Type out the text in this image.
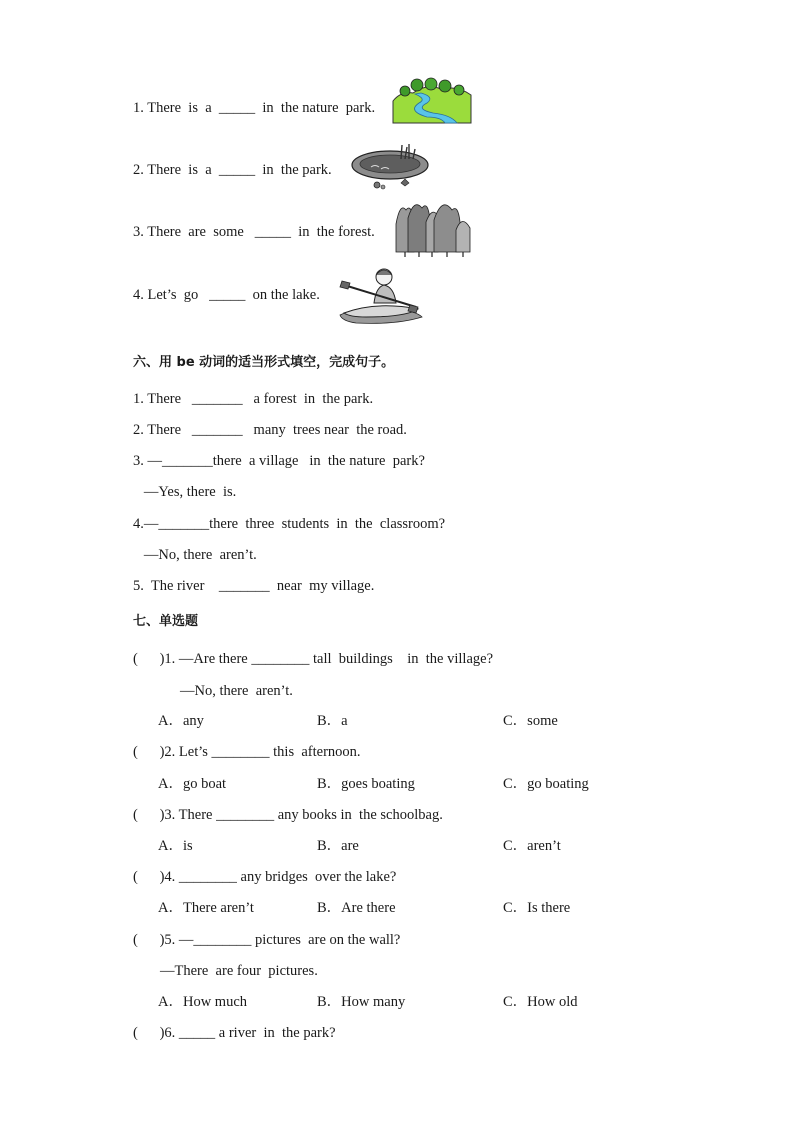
1. There  is  a  _____  in  the nature  park.
2. There  is  a  _____  in  the park.
3. There  are  some   _____  in  the forest.
4. Let’s  go   _____  on the lake.
六、用 be 动词的适当形式填空，完成句子。
1. There   _______   a forest  in  the park.
2. There   _______   many  trees near  the road.
3. —_______there  a village   in  the nature  park?
—Yes, there  is.
4.—_______there  three  students  in  the  classroom?
—No, there  aren’t.
5.  The river    _______  near  my village.
七、单选题
(      )1. —Are there ________ tall  buildings    in  the village?
—No, there  aren’t.
A．any	B．a	C．some
(      )2. Let’s ________ this  afternoon.
A．go boat	B．goes boating	C．go boating
(      )3. There ________ any books in  the schoolbag.
A．is	B．are	C．aren’t
(      )4. ________ any bridges  over the lake?
A．There aren’t	B．Are there	C．Is there
(      )5. —________ pictures  are on the wall?
—There  are four  pictures.
A．How much	B．How many	C．How old
(      )6. _____ a river  in  the park?
